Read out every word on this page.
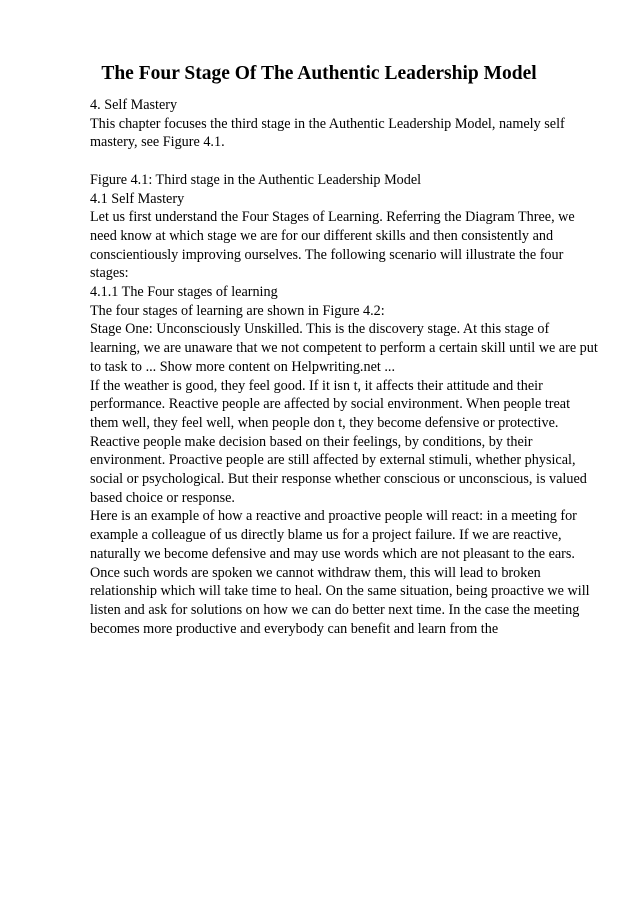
The Four Stage Of The Authentic Leadership Model

4. Self Mastery

This chapter focuses the third stage in the Authentic Leadership Model, namely self mastery, see Figure 4.1.

Figure 4.1: Third stage in the Authentic Leadership Model

4.1 Self Mastery

Let us first understand the Four Stages of Learning. Referring the Diagram Three, we need know at which stage we are for our different skills and then consistently and conscientiously improving ourselves. The following scenario will illustrate the four stages:

4.1.1 The Four stages of learning

The four stages of learning are shown in Figure 4.2:

Stage One: Unconsciously Unskilled. This is the discovery stage. At this stage of learning, we are unaware that we not competent to perform a certain skill until we are put to task to ... Show more content on Helpwriting.net ...

If the weather is good, they feel good. If it isn t, it affects their attitude and their performance. Reactive people are affected by social environment. When people treat them well, they feel well, when people don t, they become defensive or protective. Reactive people make decision based on their feelings, by conditions, by their environment. Proactive people are still affected by external stimuli, whether physical, social or psychological. But their response whether conscious or unconscious, is valued based choice or response.

Here is an example of how a reactive and proactive people will react: in a meeting for example a colleague of us directly blame us for a project failure. If we are reactive, naturally we become defensive and may use words which are not pleasant to the ears. Once such words are spoken we cannot withdraw them, this will lead to broken relationship which will take time to heal. On the same situation, being proactive we will listen and ask for solutions on how we can do better next time. In the case the meeting becomes more productive and everybody can benefit and learn from the
